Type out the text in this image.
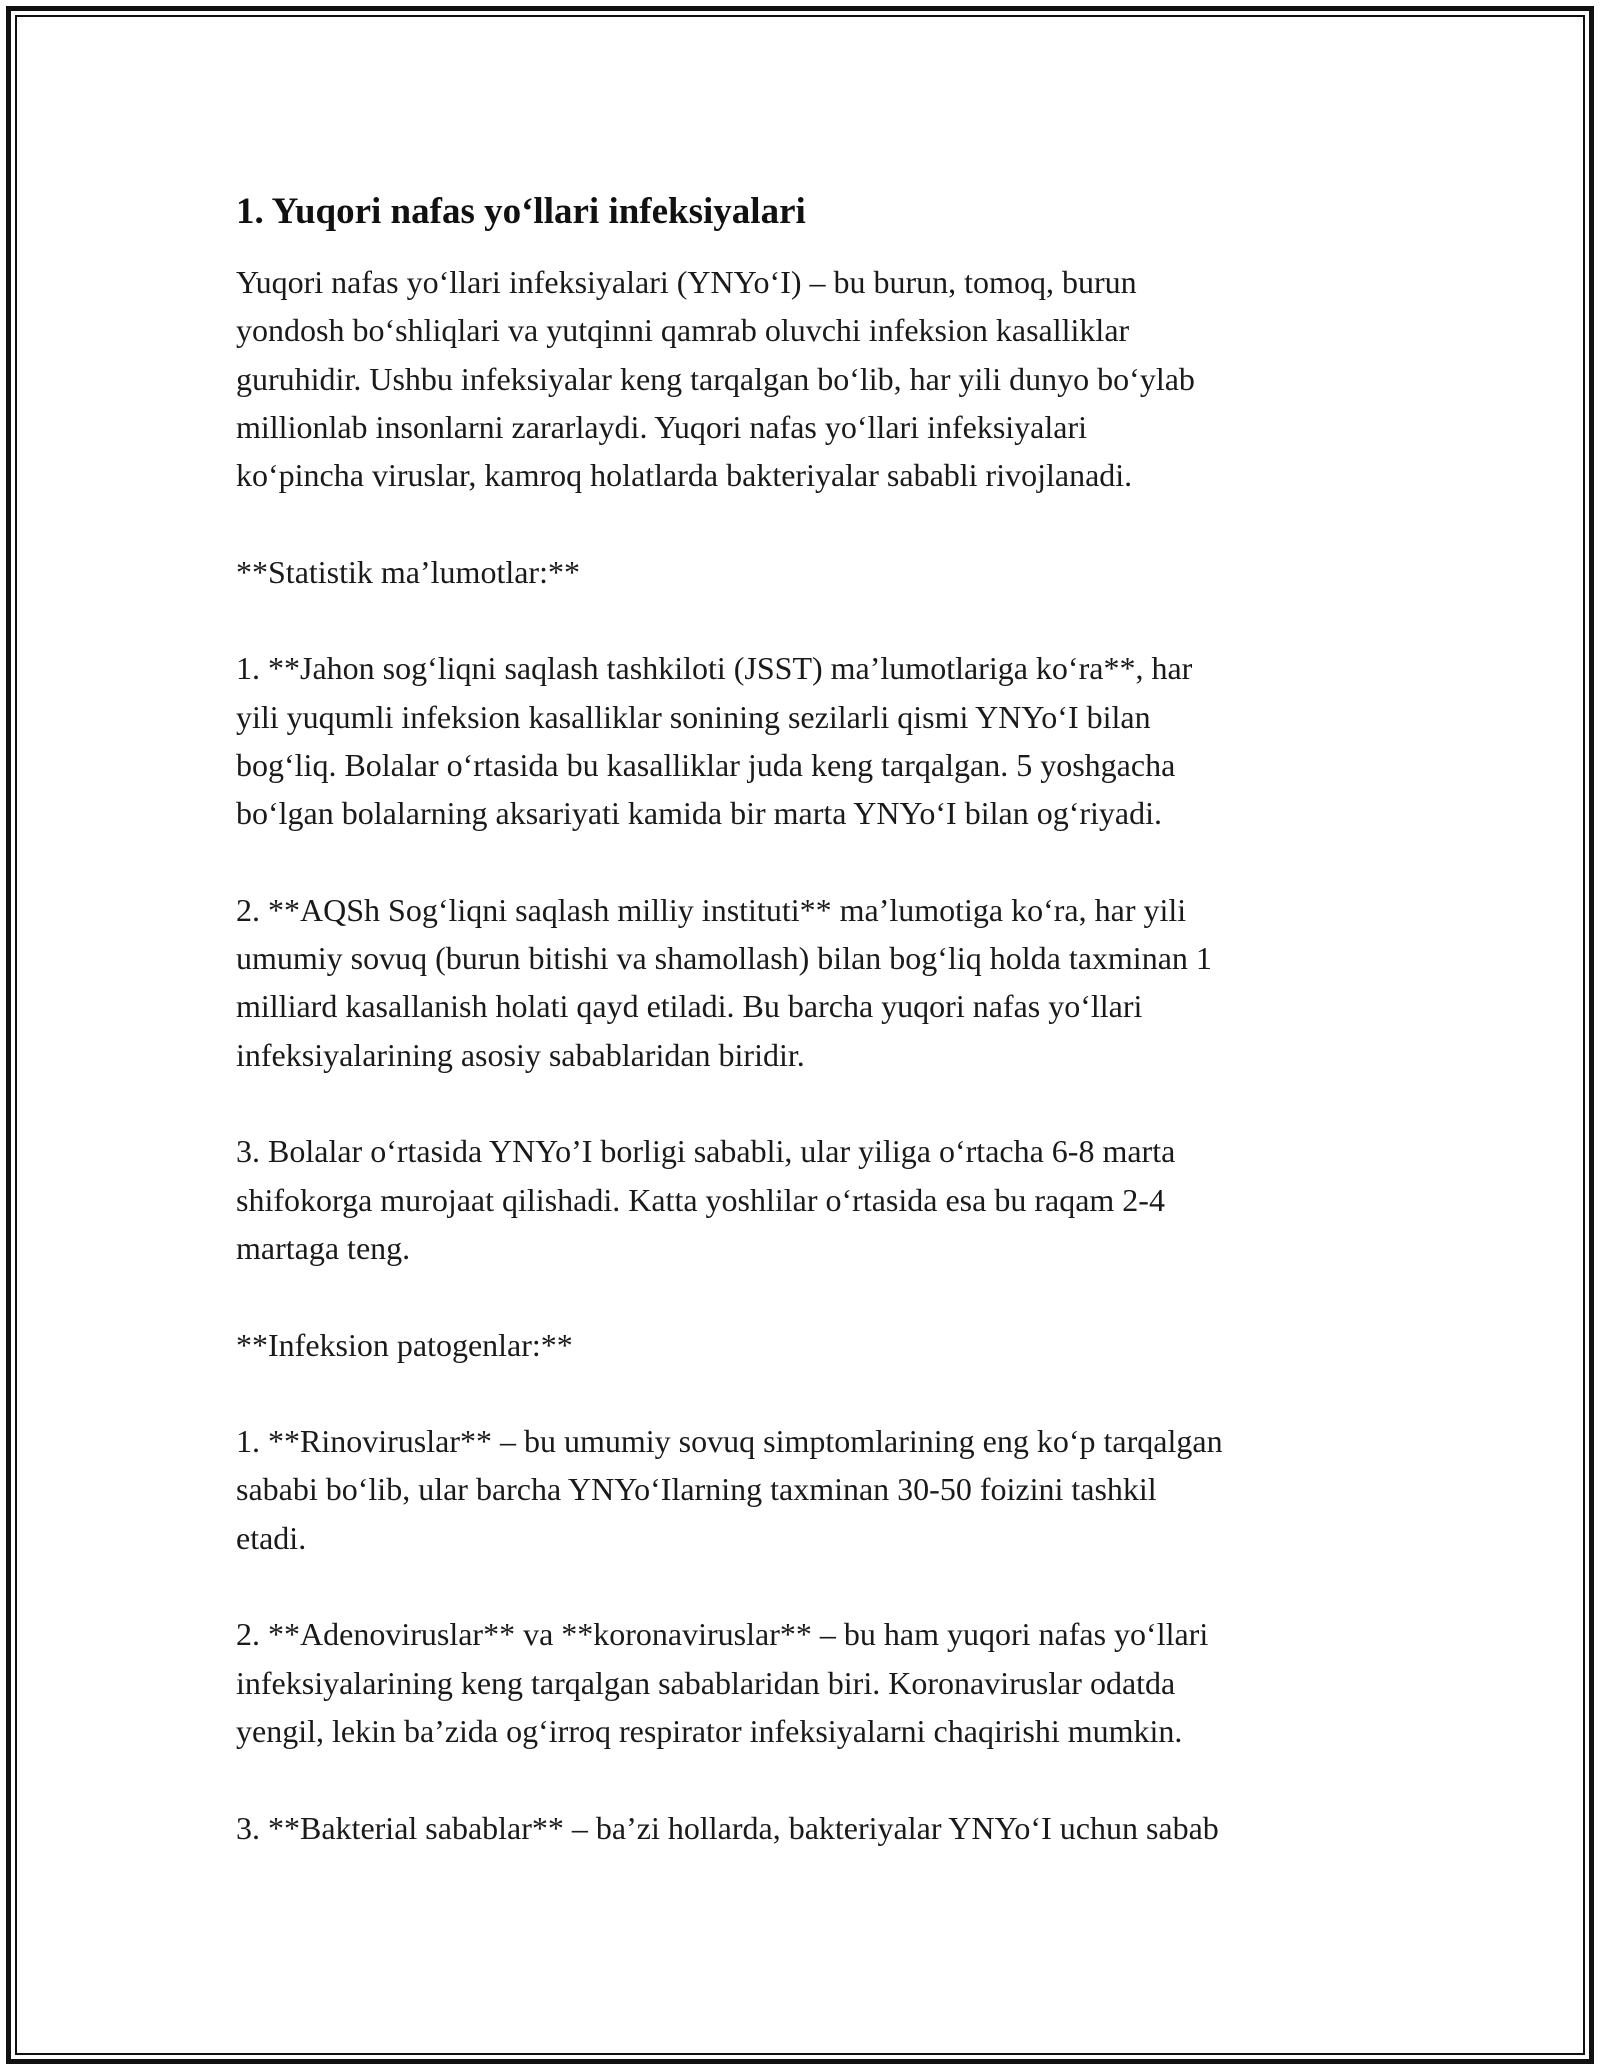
1. Yuqori nafas yo‘llari infeksiyalari
Yuqori nafas yo‘llari infeksiyalari (YNYo‘I) – bu burun, tomoq, burun
yondosh bo‘shliqlari va yutqinni qamrab oluvchi infeksion kasalliklar
guruhidir. Ushbu infeksiyalar keng tarqalgan bo‘lib, har yili dunyo bo‘ylab
millionlab insonlarni zararlaydi. Yuqori nafas yo‘llari infeksiyalari
ko‘pincha viruslar, kamroq holatlarda bakteriyalar sababli rivojlanadi.
**Statistik ma’lumotlar:**
1. **Jahon sog‘liqni saqlash tashkiloti (JSST) ma’lumotlariga ko‘ra**, har
yili yuqumli infeksion kasalliklar sonining sezilarli qismi YNYo‘I bilan
bog‘liq. Bolalar o‘rtasida bu kasalliklar juda keng tarqalgan. 5 yoshgacha
bo‘lgan bolalarning aksariyati kamida bir marta YNYo‘I bilan og‘riyadi.
2. **AQSh Sog‘liqni saqlash milliy instituti** ma’lumotiga ko‘ra, har yili
umumiy sovuq (burun bitishi va shamollash) bilan bog‘liq holda taxminan 1
milliard kasallanish holati qayd etiladi. Bu barcha yuqori nafas yo‘llari
infeksiyalarining asosiy sabablaridan biridir.
3. Bolalar o‘rtasida YNYo’I borligi sababli, ular yiliga o‘rtacha 6-8 marta
shifokorga murojaat qilishadi. Katta yoshlilar o‘rtasida esa bu raqam 2-4
martaga teng.
**Infeksion patogenlar:**
1. **Rinoviruslar** – bu umumiy sovuq simptomlarining eng ko‘p tarqalgan
sababi bo‘lib, ular barcha YNYo‘Ilarning taxminan 30-50 foizini tashkil
etadi.
2. **Adenoviruslar** va **koronaviruslar** – bu ham yuqori nafas yo‘llari
infeksiyalarining keng tarqalgan sabablaridan biri. Koronaviruslar odatda
yengil, lekin ba’zida og‘irroq respirator infeksiyalarni chaqirishi mumkin.
3. **Bakterial sabablar** – ba’zi hollarda, bakteriyalar YNYo‘I uchun sabab
